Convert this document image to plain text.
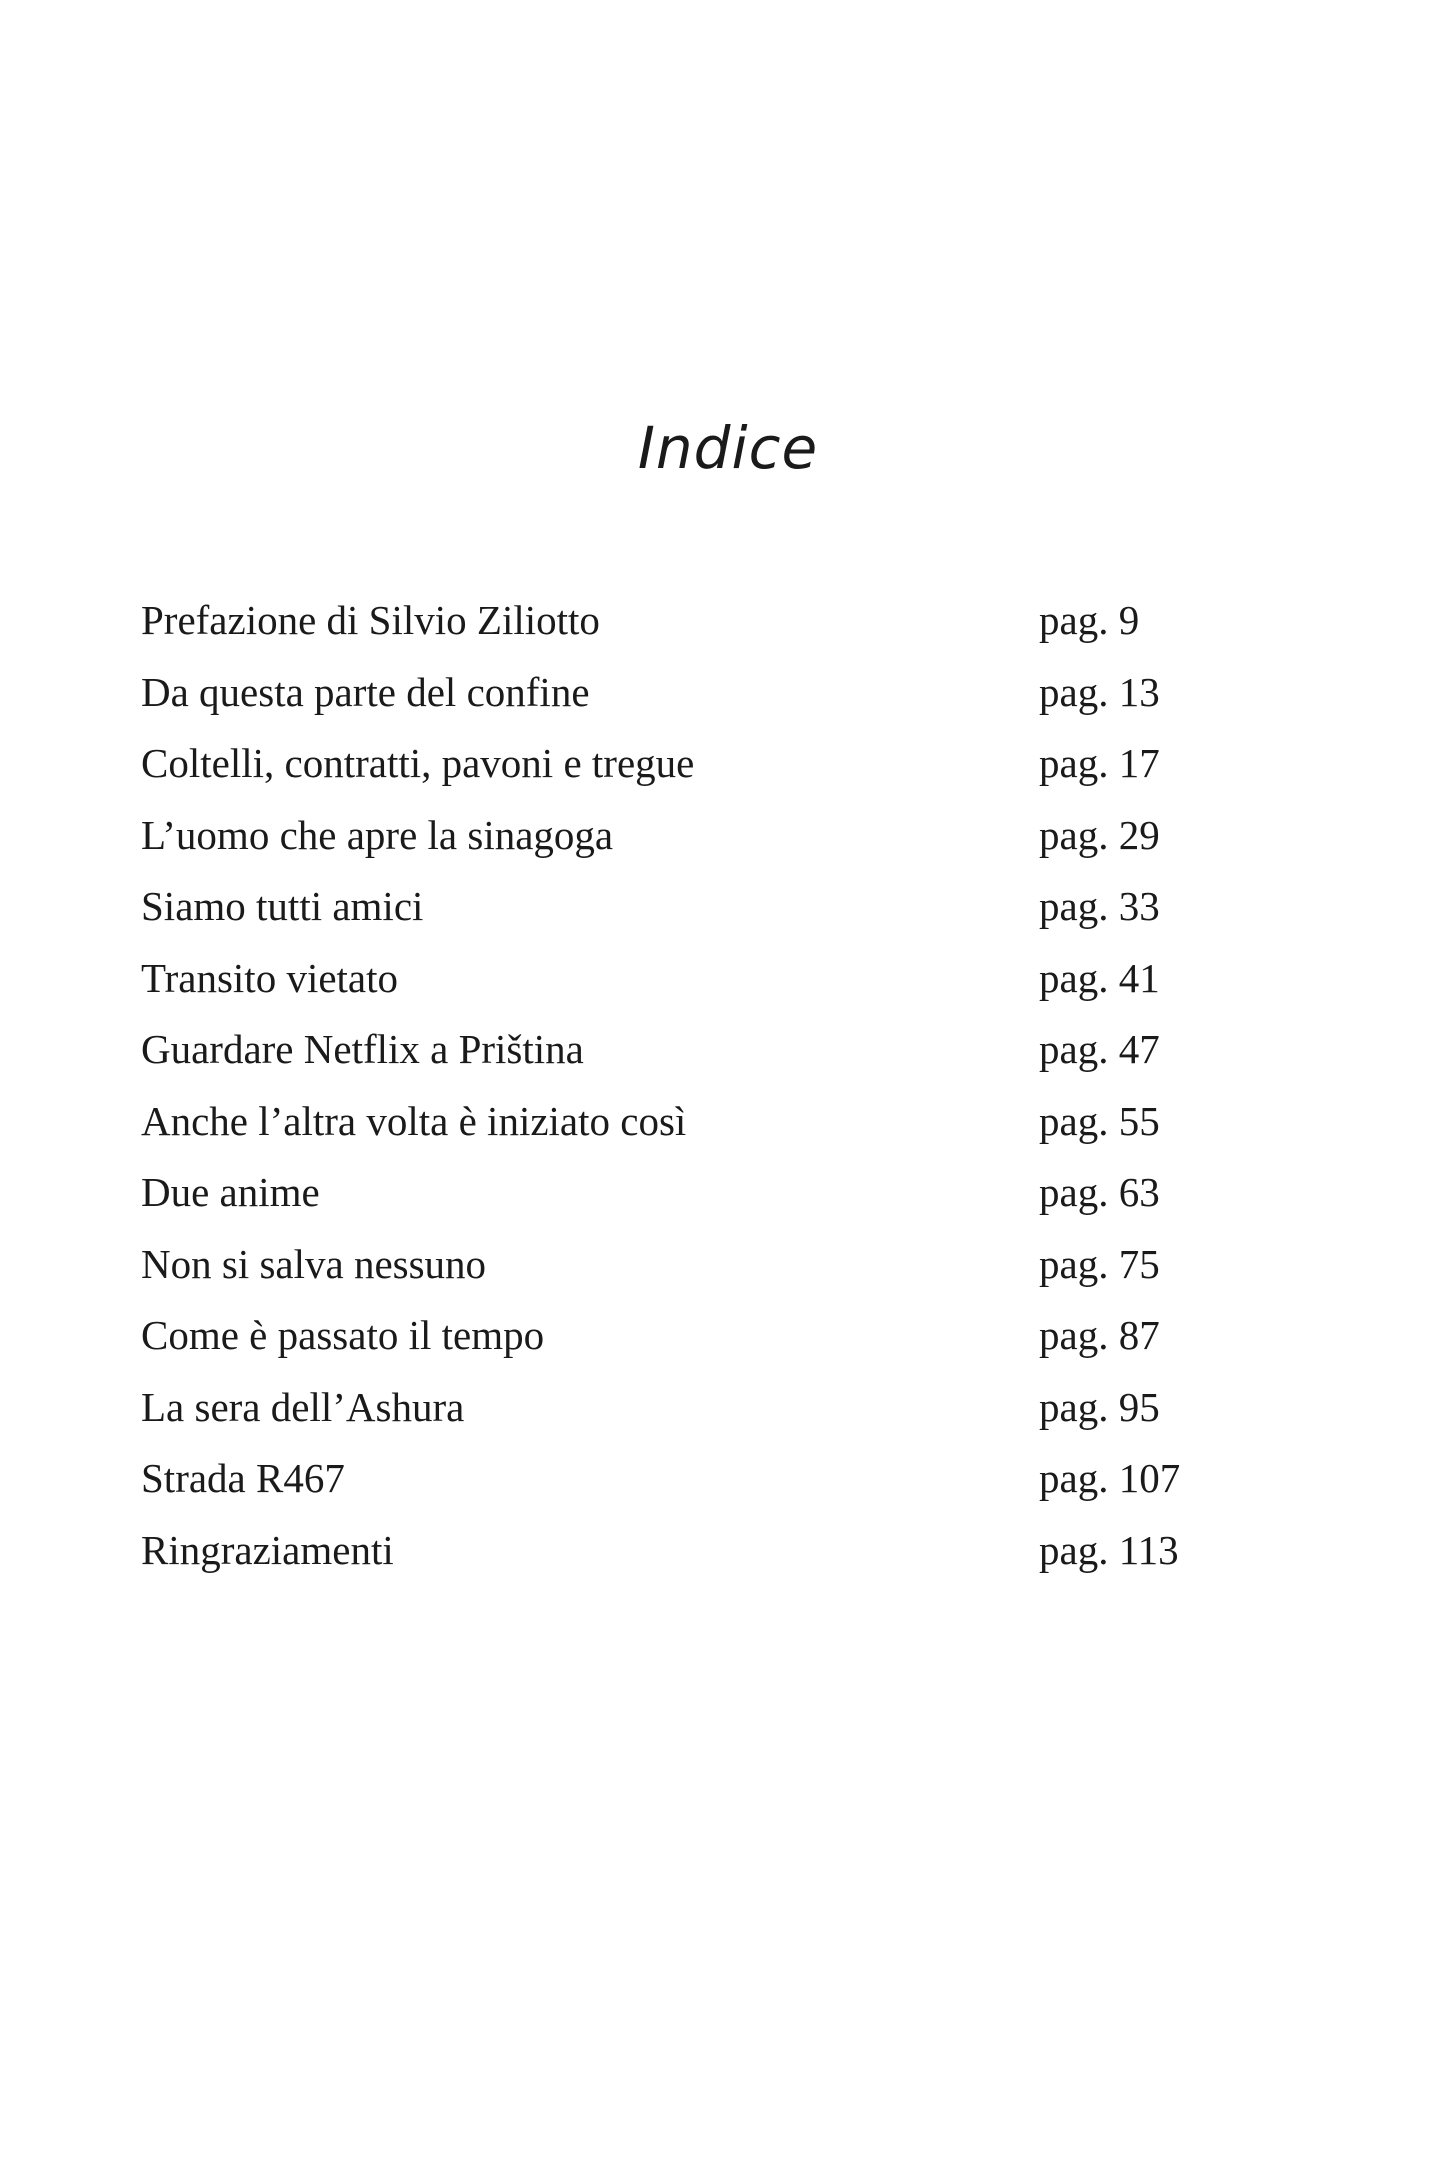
Indice
Prefazione di Silvio Ziliotto	pag. 9
Da questa parte del confine	pag. 13
Coltelli, contratti, pavoni e tregue	pag. 17
L’uomo che apre la sinagoga	pag. 29
Siamo tutti amici	pag. 33
Transito vietato	pag. 41
Guardare Netflix a Priština	pag. 47
Anche l’altra volta è iniziato così	pag. 55
Due anime	pag. 63
Non si salva nessuno	pag. 75
Come è passato il tempo	pag. 87
La sera dell’Ashura	pag. 95
Strada R467	pag. 107
Ringraziamenti	pag. 113
